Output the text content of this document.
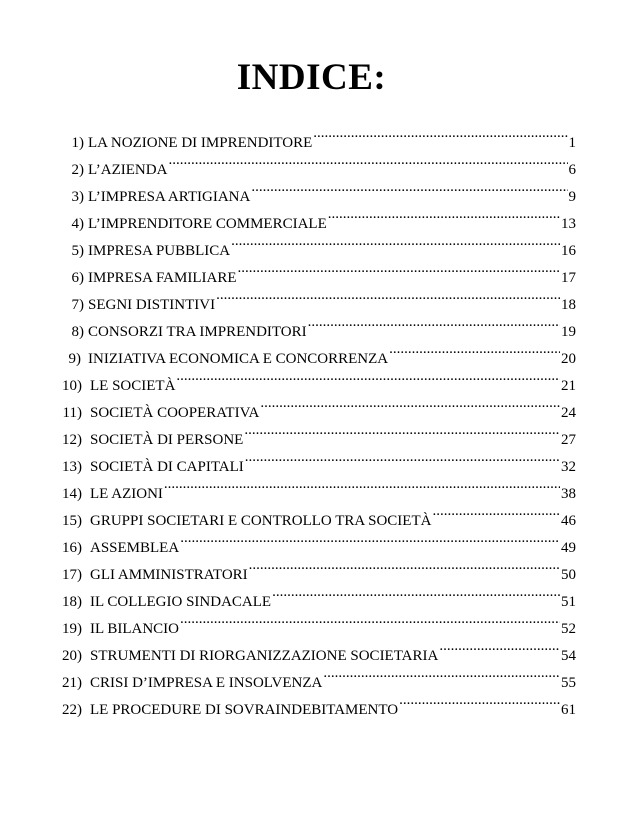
INDICE:
1) LA NOZIONE DI IMPRENDITORE .....	1
2) L’AZIENDA .....	6
3) L’IMPRESA ARTIGIANA .....	9
4) L’IMPRENDITORE COMMERCIALE .....	13
5) IMPRESA PUBBLICA .....	16
6) IMPRESA FAMILIARE .....	17
7) SEGNI DISTINTIVI .....	18
8) CONSORZI TRA IMPRENDITORI .....	19
9) INIZIATIVA ECONOMICA E CONCORRENZA .....	20
10) LE SOCIETÀ .....	21
11) SOCIETÀ COOPERATIVA .....	24
12) SOCIETÀ DI PERSONE .....	27
13) SOCIETÀ DI CAPITALI .....	32
14) LE AZIONI .....	38
15) GRUPPI SOCIETARI E CONTROLLO TRA SOCIETÀ .....	46
16) ASSEMBLEA .....	49
17) GLI AMMINISTRATORI .....	50
18) IL COLLEGIO SINDACALE .....	51
19) IL BILANCIO .....	52
20) STRUMENTI DI RIORGANIZZAZIONE SOCIETARIA .....	54
21) CRISI D’IMPRESA E INSOLVENZA .....	55
22) LE PROCEDURE DI SOVRAINDEBITAMENTO .....	61
